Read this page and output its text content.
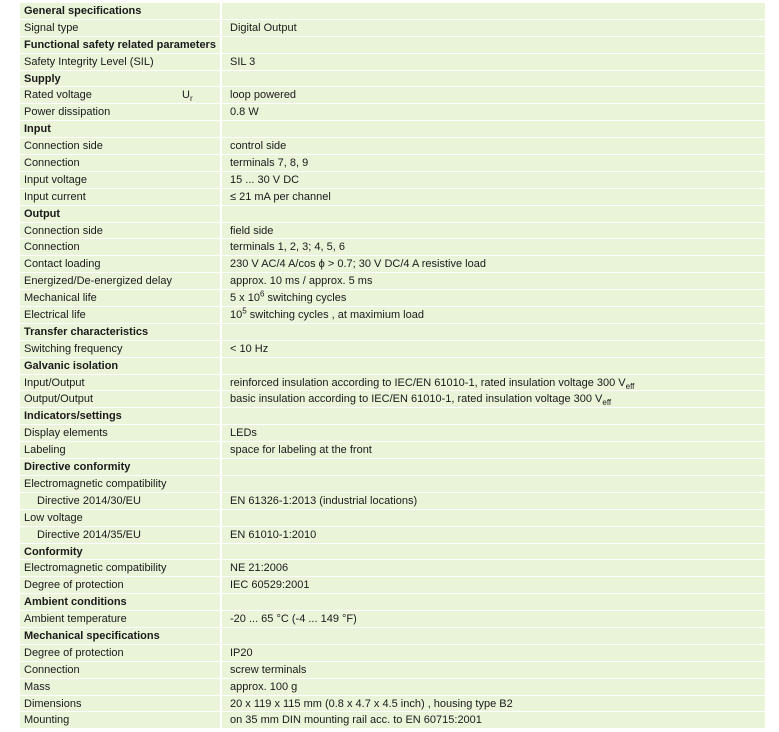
General specifications
Signal type	Digital Output
Functional safety related parameters
Safety Integrity Level (SIL)	SIL 3
Supply
Rated voltage	$U_r$	loop powered
Power dissipation	0.8 W
Input
Connection side	control side
Connection	terminals 7, 8, 9
Input voltage	15 ... 30 V DC
Input current	≤ 21 mA per channel
Output
Connection side	field side
Connection	terminals 1, 2, 3; 4, 5, 6
Contact loading	230 V AC/4 A/cos ϕ > 0.7; 30 V DC/4 A resistive load
Energized/De-energized delay	approx. 10 ms / approx. 5 ms
Mechanical life	5 x $10^6$ switching cycles
Electrical life	$10^5$ switching cycles , at maximium load
Transfer characteristics
Switching frequency	< 10 Hz
Galvanic isolation
Input/Output	reinforced insulation according to IEC/EN 61010-1, rated insulation voltage 300 $V_{eff}$
Output/Output	basic insulation according to IEC/EN 61010-1, rated insulation voltage 300 $V_{eff}$
Indicators/settings
Display elements	LEDs
Labeling	space for labeling at the front
Directive conformity
Electromagnetic compatibility
Directive 2014/30/EU	EN 61326-1:2013 (industrial locations)
Low voltage
Directive 2014/35/EU	EN 61010-1:2010
Conformity
Electromagnetic compatibility	NE 21:2006
Degree of protection	IEC 60529:2001
Ambient conditions
Ambient temperature	-20 ... 65 °C (-4 ... 149 °F)
Mechanical specifications
Degree of protection	IP20
Connection	screw terminals
Mass	approx. 100 g
Dimensions	20 x 119 x 115 mm (0.8 x 4.7 x 4.5 inch) , housing type B2
Mounting	on 35 mm DIN mounting rail acc. to EN 60715:2001
